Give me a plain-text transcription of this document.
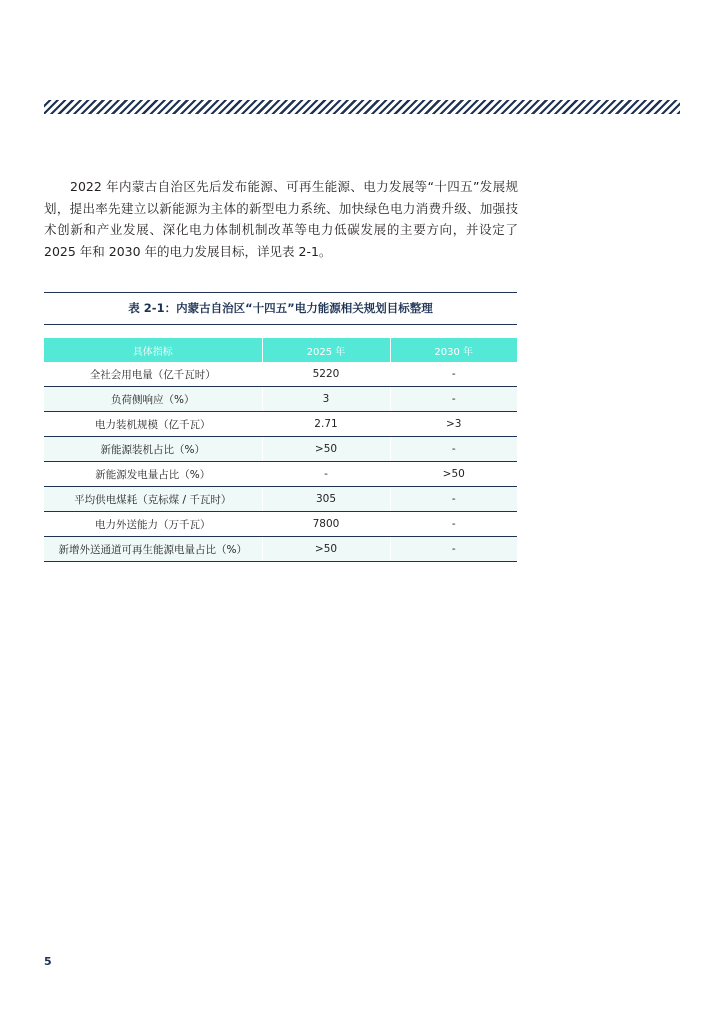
2022 年内蒙古自治区先后发布能源、可再生能源、电力发展等“十四五”发展规划，提出率先建立以新能源为主体的新型电力系统、加快绿色电力消费升级、加强技术创新和产业发展、深化电力体制机制改革等电力低碳发展的主要方向，并设定了 2025 年和 2030 年的电力发展目标，详见表 2-1。

表 2-1：内蒙古自治区“十四五”电力能源相关规划目标整理
具体指标	2025 年	2030 年
全社会用电量（亿千瓦时）	5220	-
负荷侧响应（%）	3	-
电力装机规模（亿千瓦）	2.71	>3
新能源装机占比（%）	>50	-
新能源发电量占比（%）	-	>50
平均供电煤耗（克标煤 / 千瓦时）	305	-
电力外送能力（万千瓦）	7800	-
新增外送通道可再生能源电量占比（%）	>50	-
5
